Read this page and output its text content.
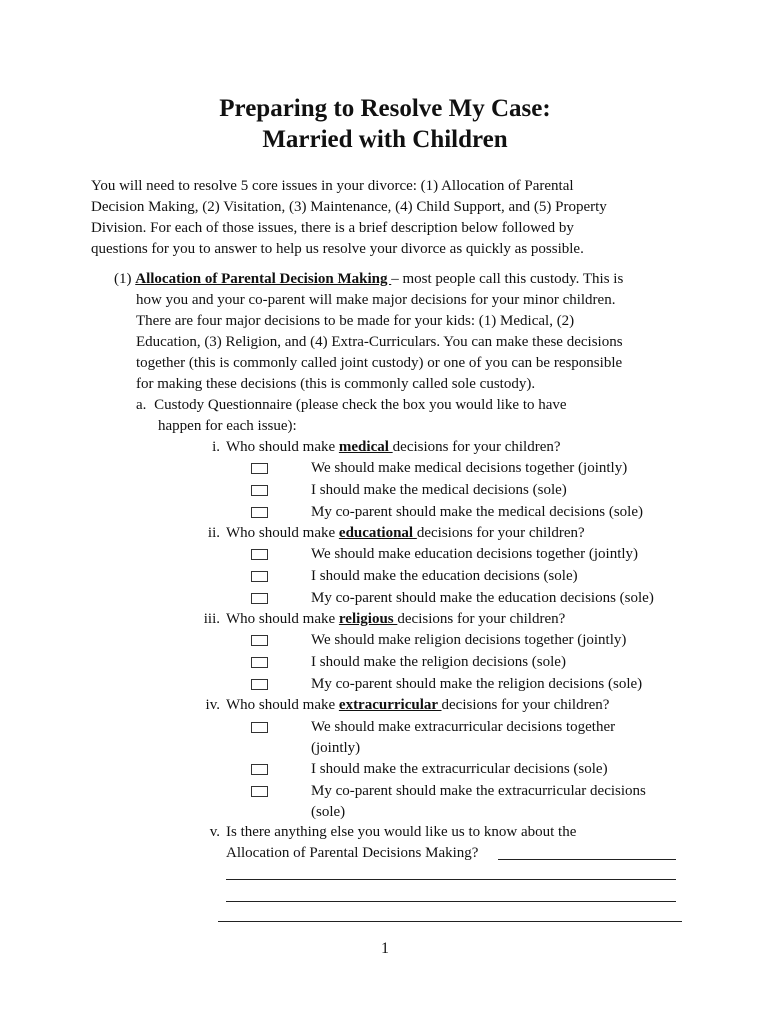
Preparing to Resolve My Case:
Married with Children
You will need to resolve 5 core issues in your divorce: (1) Allocation of Parental
Decision Making, (2) Visitation, (3) Maintenance, (4) Child Support, and (5) Property
Division. For each of those issues, there is a brief description below followed by
questions for you to answer to help us resolve your divorce as quickly as possible.
(1) Allocation of Parental Decision Making – most people call this custody. This is
how you and your co-parent will make major decisions for your minor children.
There are four major decisions to be made for your kids: (1) Medical, (2)
Education, (3) Religion, and (4) Extra-Curriculars. You can make these decisions
together (this is commonly called joint custody) or one of you can be responsible
for making these decisions (this is commonly called sole custody).
a. Custody Questionnaire (please check the box you would like to have
happen for each issue):
i. Who should make medical decisions for your children?
We should make medical decisions together (jointly)
I should make the medical decisions (sole)
My co-parent should make the medical decisions (sole)
ii. Who should make educational decisions for your children?
We should make education decisions together (jointly)
I should make the education decisions (sole)
My co-parent should make the education decisions (sole)
iii. Who should make religious decisions for your children?
We should make religion decisions together (jointly)
I should make the religion decisions (sole)
My co-parent should make the religion decisions (sole)
iv. Who should make extracurricular decisions for your children?
We should make extracurricular decisions together
(jointly)
I should make the extracurricular decisions (sole)
My co-parent should make the extracurricular decisions
(sole)
v. Is there anything else you would like us to know about the
Allocation of Parental Decisions Making?
1
